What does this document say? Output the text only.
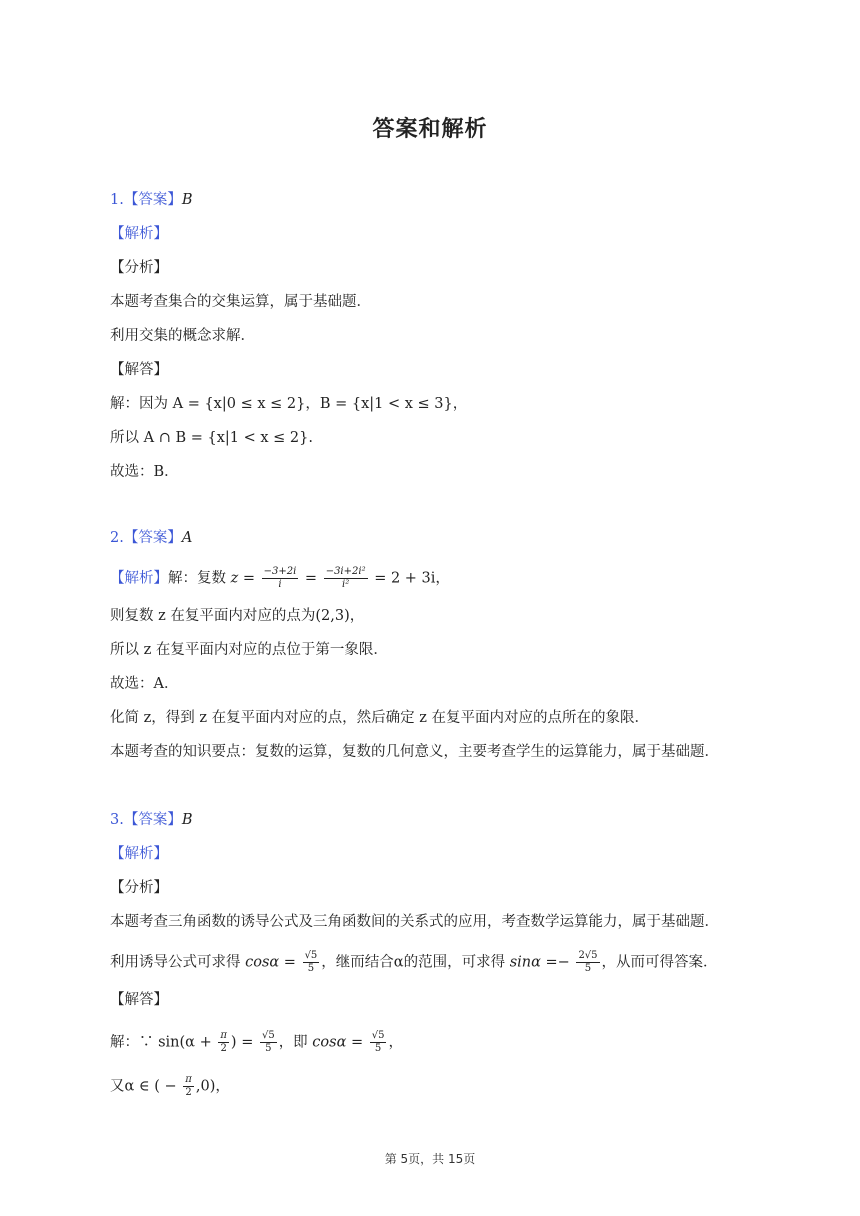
答案和解析
1.【答案】B
【解析】
【分析】
本题考查集合的交集运算，属于基础题．
利用交集的概念求解．
【解答】
解：因为 A = {x|0 ≤ x ≤ 2}，B = {x|1 < x ≤ 3}，
所以 A ∩ B = {x|1 < x ≤ 2}.
故选：B．
2.【答案】A
【解析】解：复数 $z = \frac{-3+2i}{i} = \frac{\text{−3i+2i²}}{\text{i²}} = 2 + 3i$，
则复数 z 在复平面内对应的点为(2,3)，
所以 z 在复平面内对应的点位于第一象限．
故选：A．
化简 z，得到 z 在复平面内对应的点，然后确定 z 在复平面内对应的点所在的象限．
本题考查的知识要点：复数的运算，复数的几何意义，主要考查学生的运算能力，属于基础题．
3.【答案】B
【解析】
【分析】
本题考查三角函数的诱导公式及三角函数间的关系式的应用，考查数学运算能力，属于基础题．
利用诱导公式可求得 $\cos\alpha = \frac{√5}{5}$ ，继而结合α的范围，可求得 $\sin\alpha =- \frac{2√5}{5}$ ，从而可得答案．
【解答】
解：∵ $\sin(\alpha + \frac{\pi}{2}$ ) = $\frac{√5}{5}$ ，即 $\cos\alpha = \frac{√5}{5}$ ，
又α ∈ ( − $\frac{\pi}{2} ,0$)，
第 5页，共 15页
